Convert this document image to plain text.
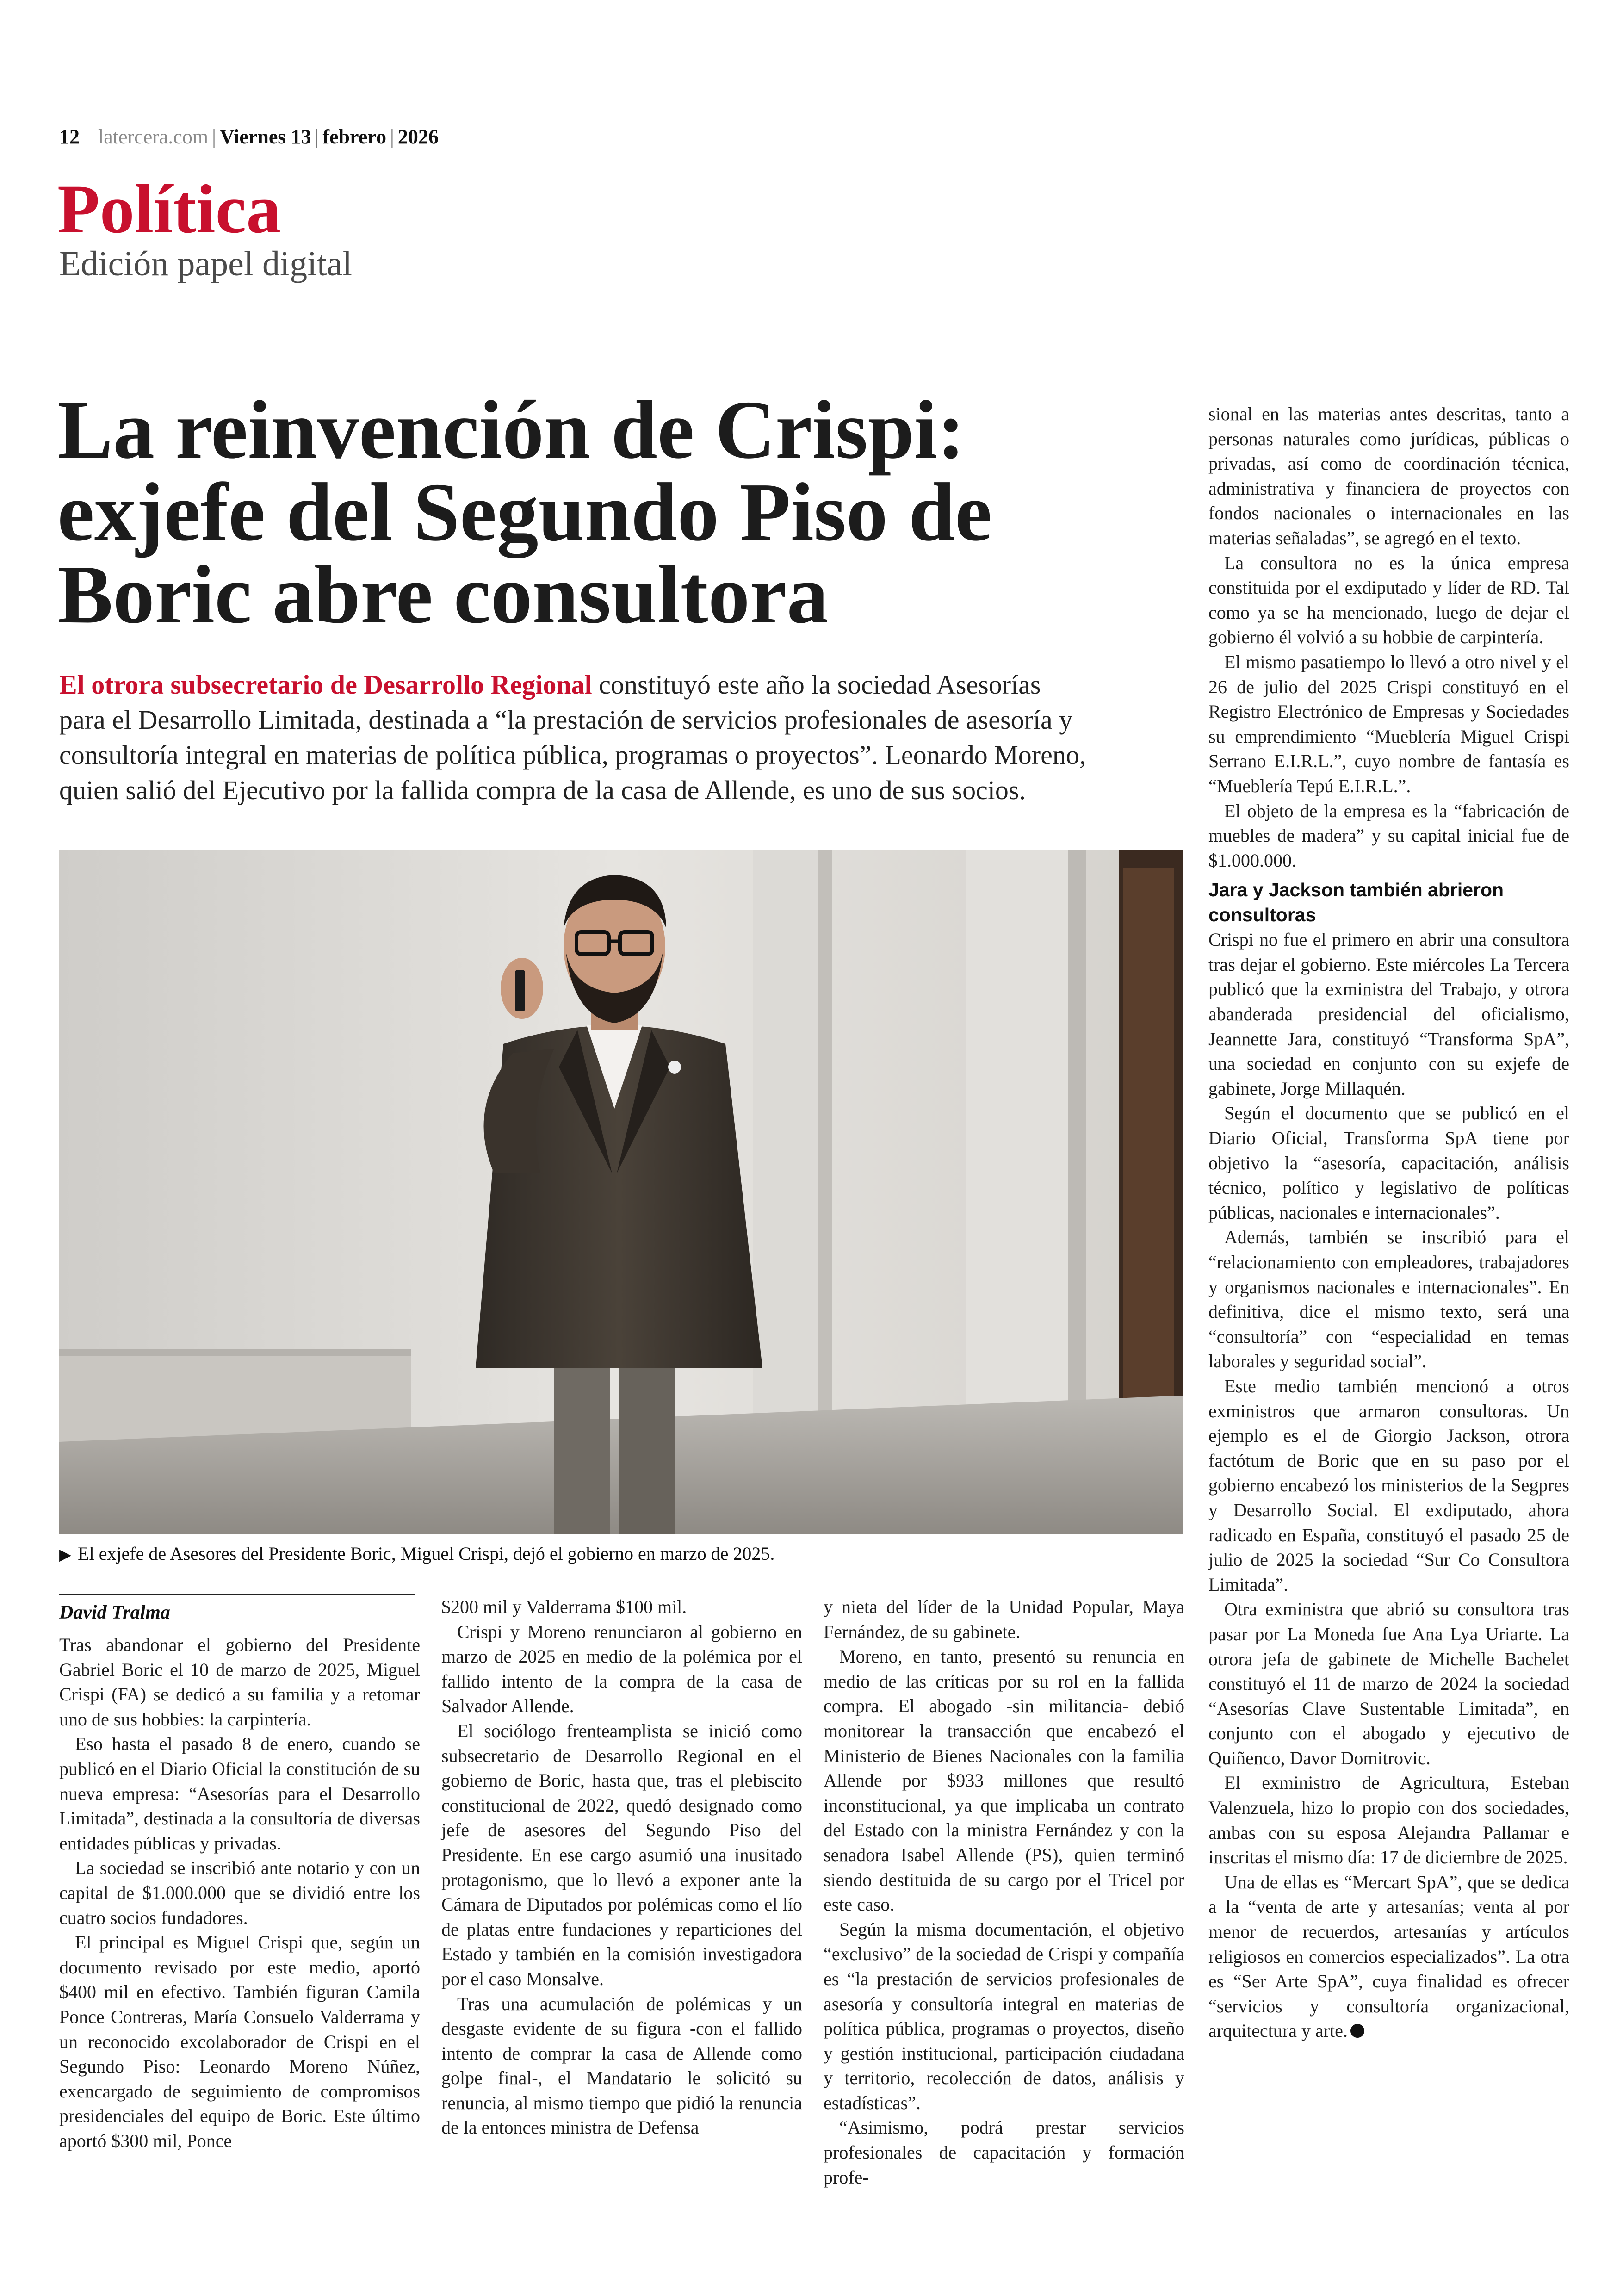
12 latercera.com | Viernes 13 | febrero | 2026
Política
Edición papel digital
La reinvención de Crispi:
exjefe del Segundo Piso de
Boric abre consultora
El otrora subsecretario de Desarrollo Regional constituyó este año la sociedad Asesorías
para el Desarrollo Limitada, destinada a “la prestación de servicios profesionales de asesoría y
consultoría integral en materias de política pública, programas o proyectos”. Leonardo Moreno,
quien salió del Ejecutivo por la fallida compra de la casa de Allende, es uno de sus socios.
▶ El exjefe de Asesores del Presidente Boric, Miguel Crispi, dejó el gobierno en marzo de 2025.
David Tralma

Tras abandonar el gobierno del Presidente Gabriel Boric el 10 de marzo de 2025, Miguel Crispi (FA) se dedicó a su familia y a retomar uno de sus hobbies: la carpintería.

Eso hasta el pasado 8 de enero, cuando se publicó en el Diario Oficial la constitución de su nueva empresa: “Asesorías para el Desarrollo Limitada”, destinada a la consultoría de diversas entidades públicas y privadas.

La sociedad se inscribió ante notario y con un capital de $1.000.000 que se dividió entre los cuatro socios fundadores.

El principal es Miguel Crispi que, según un documento revisado por este medio, aportó $400 mil en efectivo. También figuran Camila Ponce Contreras, María Consuelo Valderrama y un reconocido excolaborador de Crispi en el Segundo Piso: Leonardo Moreno Núñez, exencargado de seguimiento de compromisos presidenciales del equipo de Boric. Este último aportó $300 mil, Ponce

$200 mil y Valderrama $100 mil.

Crispi y Moreno renunciaron al gobierno en marzo de 2025 en medio de la polémica por el fallido intento de la compra de la casa de Salvador Allende.

El sociólogo frenteamplista se inició como subsecretario de Desarrollo Regional en el gobierno de Boric, hasta que, tras el plebiscito constitucional de 2022, quedó designado como jefe de asesores del Segundo Piso del Presidente. En ese cargo asumió una inusitado protagonismo, que lo llevó a exponer ante la Cámara de Diputados por polémicas como el lío de platas entre fundaciones y reparticiones del Estado y también en la comisión investigadora por el caso Monsalve.

Tras una acumulación de polémicas y un desgaste evidente de su figura -con el fallido intento de comprar la casa de Allende como golpe final-, el Mandatario le solicitó su renuncia, al mismo tiempo que pidió la renuncia de la entonces ministra de Defensa

y nieta del líder de la Unidad Popular, Maya Fernández, de su gabinete.

Moreno, en tanto, presentó su renuncia en medio de las críticas por su rol en la fallida compra. El abogado -sin militancia- debió monitorear la transacción que encabezó el Ministerio de Bienes Nacionales con la familia Allende por $933 millones que resultó inconstitucional, ya que implicaba un contrato del Estado con la ministra Fernández y con la senadora Isabel Allende (PS), quien terminó siendo destituida de su cargo por el Tricel por este caso.

Según la misma documentación, el objetivo “exclusivo” de la sociedad de Crispi y compañía es “la prestación de servicios profesionales de asesoría y consultoría integral en materias de política pública, programas o proyectos, diseño y gestión institucional, participación ciudadana y territorio, recolección de datos, análisis y estadísticas”.

“Asimismo, podrá prestar servicios profesionales de capacitación y formación profe-

sional en las materias antes descritas, tanto a personas naturales como jurídicas, públicas o privadas, así como de coordinación técnica, administrativa y financiera de proyectos con fondos nacionales o internacionales en las materias señaladas”, se agregó en el texto.

La consultora no es la única empresa constituida por el exdiputado y líder de RD. Tal como ya se ha mencionado, luego de dejar el gobierno él volvió a su hobbie de carpintería.

El mismo pasatiempo lo llevó a otro nivel y el 26 de julio del 2025 Crispi constituyó en el Registro Electrónico de Empresas y Sociedades su emprendimiento “Mueblería Miguel Crispi Serrano E.I.R.L.”, cuyo nombre de fantasía es “Mueblería Tepú E.I.R.L.”.

El objeto de la empresa es la “fabricación de muebles de madera” y su capital inicial fue de $1.000.000.

Jara y Jackson también abrieron consultoras

Crispi no fue el primero en abrir una consultora tras dejar el gobierno. Este miércoles La Tercera publicó que la exministra del Trabajo, y otrora abanderada presidencial del oficialismo, Jeannette Jara, constituyó “Transforma SpA”, una sociedad en conjunto con su exjefe de gabinete, Jorge Millaquén.

Según el documento que se publicó en el Diario Oficial, Transforma SpA tiene por objetivo la “asesoría, capacitación, análisis técnico, político y legislativo de políticas públicas, nacionales e internacionales”.

Además, también se inscribió para el “relacionamiento con empleadores, trabajadores y organismos nacionales e internacionales”. En definitiva, dice el mismo texto, será una “consultoría” con “especialidad en temas laborales y seguridad social”.

Este medio también mencionó a otros exministros que armaron consultoras. Un ejemplo es el de Giorgio Jackson, otrora factótum de Boric que en su paso por el gobierno encabezó los ministerios de la Segpres y Desarrollo Social. El exdiputado, ahora radicado en España, constituyó el pasado 25 de julio de 2025 la sociedad “Sur Co Consultora Limitada”.

Otra exministra que abrió su consultora tras pasar por La Moneda fue Ana Lya Uriarte. La otrora jefa de gabinete de Michelle Bachelet constituyó el 11 de marzo de 2024 la sociedad “Asesorías Clave Sustentable Limitada”, en conjunto con el abogado y ejecutivo de Quiñenco, Davor Domitrovic.

El exministro de Agricultura, Esteban Valenzuela, hizo lo propio con dos sociedades, ambas con su esposa Alejandra Pallamar e inscritas el mismo día: 17 de diciembre de 2025.

Una de ellas es “Mercart SpA”, que se dedica a la “venta de arte y artesanías; venta al por menor de recuerdos, artesanías y artículos religiosos en comercios especializados”. La otra es “Ser Arte SpA”, cuya finalidad es ofrecer “servicios y consultoría organizacional, arquitectura y arte.
